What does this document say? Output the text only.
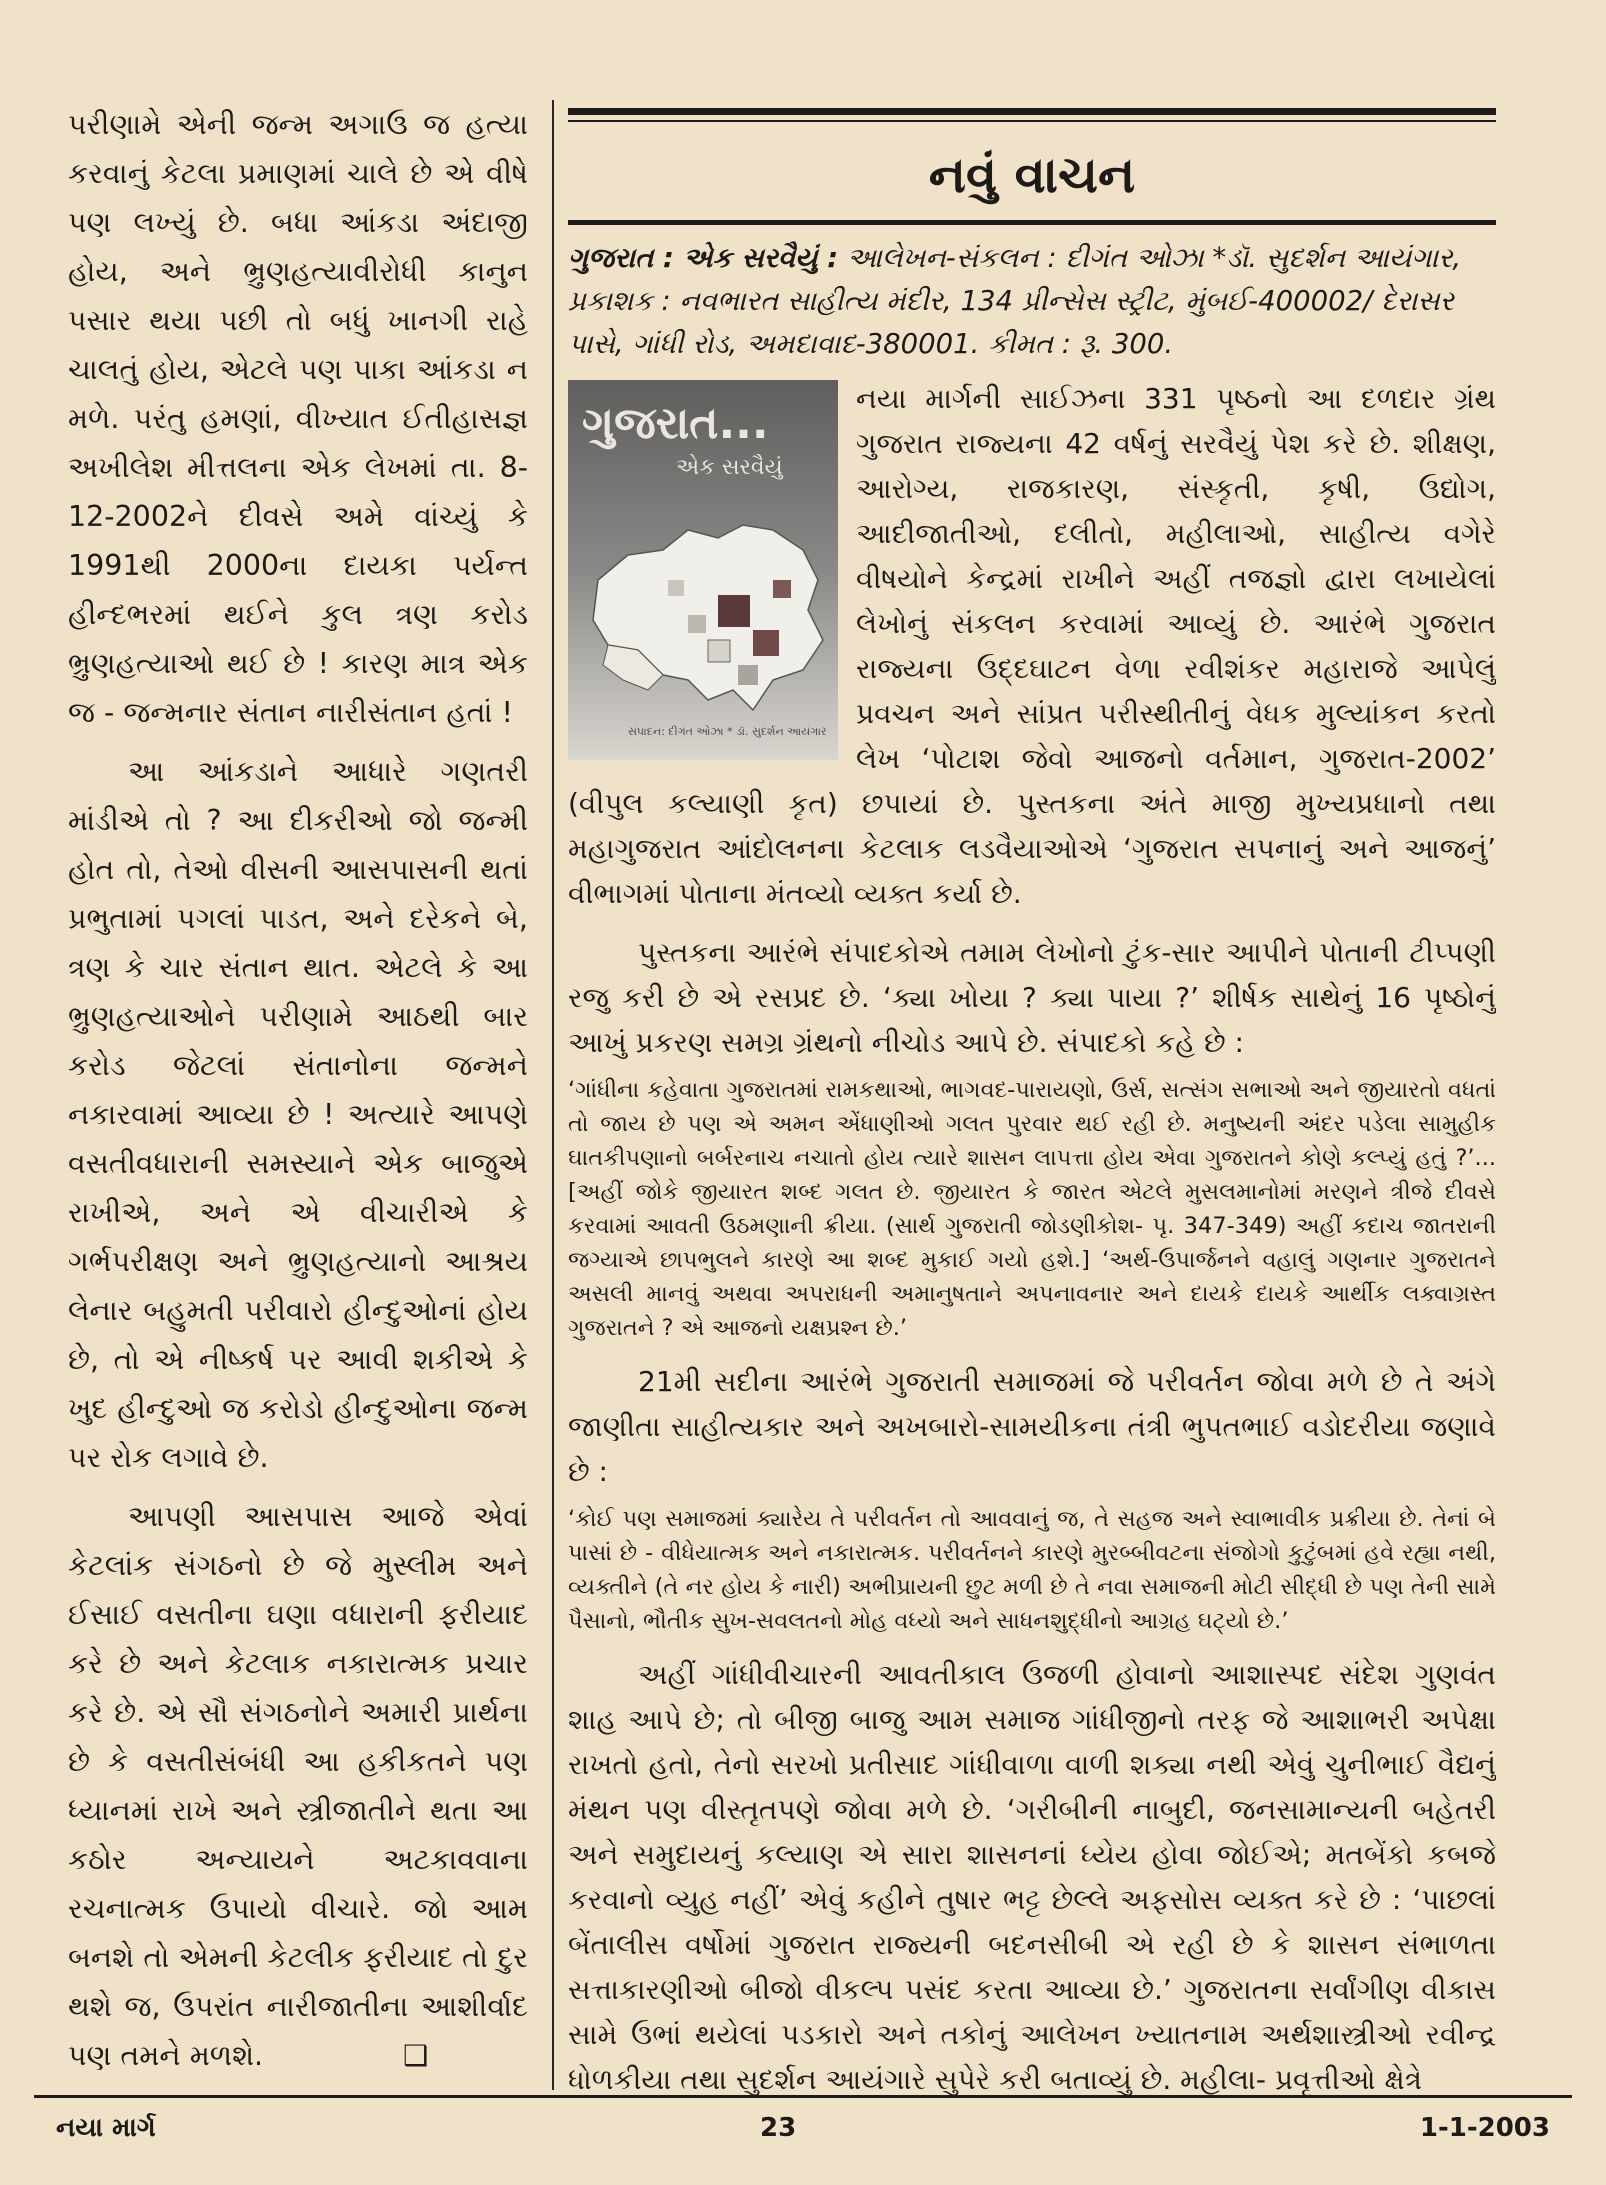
પરીણામે એની જન્મ અગાઉ જ હત્યા કરવાનું કેટલા પ્રમાણમાં ચાલે છે એ વીષે પણ લખ્યું છે. બધા આંકડા અંદાજી હોય, અને ભ્રુણહત્યાવીરોધી કાનુન પસાર થયા પછી તો બધું ખાનગી રાહે ચાલતું હોય, એટલે પણ પાકા આંકડા ન મળે. પરંતુ હમણાં, વીખ્યાત ઈતીહાસજ્ઞ અખીલેશ મીત્તલના એક લેખમાં તા. 8-12-2002ને દીવસે અમે વાંચ્યું કે 1991થી 2000ના દાયકા પર્યન્ત હીન્દભરમાં થઈને કુલ ત્રણ કરોડ ભ્રુણહત્યાઓ થઈ છે ! કારણ માત્ર એક જ - જન્મનાર સંતાન નારીસંતાન હતાં !

આ આંકડાને આધારે ગણતરી માંડીએ તો ? આ દીકરીઓ જો જન્મી હોત તો, તેઓ વીસની આસપાસની થતાં પ્રભુતામાં પગલાં પાડત, અને દરેકને બે, ત્રણ કે ચાર સંતાન થાત. એટલે કે આ ભ્રુણહત્યાઓને પરીણામે આઠથી બાર કરોડ જેટલાં સંતાનોના જન્મને નકારવામાં આવ્યા છે ! અત્યારે આપણે વસતીવધારાની સમસ્યાને એક બાજુએ રાખીએ, અને એ વીચારીએ કે ગર્ભપરીક્ષણ અને ભ્રુણહત્યાનો આશ્રય લેનાર બહુમતી પરીવારો હીન્દુઓનાં હોય છે, તો એ નીષ્કર્ષ પર આવી શકીએ કે ખુદ હીન્દુઓ જ કરોડો હીન્દુઓના જન્મ પર રોક લગાવે છે.

આપણી આસપાસ આજે એવાં કેટલાંક સંગઠનો છે જે મુસ્લીમ અને ઈસાઈ વસતીના ઘણા વધારાની ફરીયાદ કરે છે અને કેટલાક નકારાત્મક પ્રચાર કરે છે. એ સૌ સંગઠનોને અમારી પ્રાર્થના છે કે વસતીસંબંધી આ હકીકતને પણ ધ્યાનમાં રાખે અને સ્ત્રીજાતીને થતા આ કઠોર અન્યાયને અટકાવવાના રચનાત્મક ઉપાયો વીચારે. જો આમ બનશે તો એમની કેટલીક ફરીયાદ તો દુર થશે જ, ઉપરાંત નારીજાતીના આશીર્વાદ પણ તમને મળશે.	❑

નવું વાચન

ગુજરાત : એક સરવૈયું : આલેખન-સંકલન : દીગંત ઓઝા *ડૉ. સુદર્શન આયંગાર, પ્રકાશક : નવભારત સાહીત્ય મંદીર, 134 પ્રીન્સેસ સ્ટ્રીટ, મુંબઈ-400002/ દેરાસર પાસે, ગાંધી રોડ, અમદાવાદ-380001. કીમત : રૂ. 300.

ગુજરાત...
એક સરવૈયું
સંપાદન: દીગંત ઓઝા * ડૉ. સુદર્શન આયંગાર

નયા માર્ગની સાઈઝના 331 પૃષ્ઠનો આ દળદાર ગ્રંથ ગુજરાત રાજ્યના 42 વર્ષનું સરવૈયું પેશ કરે છે. શીક્ષણ, આરોગ્ય, રાજકારણ, સંસ્કૃતી, કૃષી, ઉદ્યોગ, આદીજાતીઓ, દલીતો, મહીલાઓ, સાહીત્ય વગેરે વીષયોને કેન્દ્રમાં રાખીને અહીં તજજ્ઞો દ્વારા લખાયેલાં લેખોનું સંકલન કરવામાં આવ્યું છે. આરંભે ગુજરાત રાજ્યના ઉદ્દઘાટન વેળા રવીશંકર મહારાજે આપેલું પ્રવચન અને સાંપ્રત પરીસ્થીતીનું વેધક મુલ્યાંકન કરતો લેખ ‘પોટાશ જેવો આજનો વર્તમાન, ગુજરાત-2002’ (વીપુલ કલ્યાણી કૃત) છપાયાં છે. પુસ્તકના અંતે માજી મુખ્યપ્રધાનો તથા મહાગુજરાત આંદોલનના કેટલાક લડવૈયાઓએ ‘ગુજરાત સપનાનું અને આજનું’ વીભાગમાં પોતાના મંતવ્યો વ્યક્ત કર્યા છે.

પુસ્તકના આરંભે સંપાદકોએ તમામ લેખોનો ટુંક-સાર આપીને પોતાની ટીપ્પણી રજુ કરી છે એ રસપ્રદ છે. ‘ક્યા ખોયા ? ક્યા પાયા ?’ શીર્ષક સાથેનું 16 પૃષ્ઠોનું આખું પ્રકરણ સમગ્ર ગ્રંથનો નીચોડ આપે છે. સંપાદકો કહે છે :

‘ગાંધીના કહેવાતા ગુજરાતમાં રામકથાઓ, ભાગવદ-પારાયણો, ઉર્સ, સત્સંગ સભાઓ અને જીયારતો વધતાં તો જાય છે પણ એ અમન એંધાણીઓ ગલત પુરવાર થઈ રહી છે. મનુષ્યની અંદર પડેલા સામુહીક ઘાતકીપણાનો બર્બરનાચ નચાતો હોય ત્યારે શાસન લાપત્તા હોય એવા ગુજરાતને કોણે કલ્પ્યું હતું ?’... [અહીં જોકે જીયારત શબ્દ ગલત છે. જીયારત કે જારત એટલે મુસલમાનોમાં મરણને ત્રીજે દીવસે કરવામાં આવતી ઉઠમણાની ક્રીયા. (સાર્થ ગુજરાતી જોડણીકોશ- પૃ. 347-349) અહીં કદાચ જાતરાની જગ્યાએ છાપભુલને કારણે આ શબ્દ મુકાઈ ગયો હશે.] ‘અર્થ-ઉપાર્જનને વહાલું ગણનાર ગુજરાતને અસલી માનવું અથવા અપરાધની અમાનુષતાને અપનાવનાર અને દાયકે દાયકે આર્થીક લક્વાગ્રસ્ત ગુજરાતને ? એ આજનો યક્ષપ્રશ્ન છે.’

21મી સદીના આરંભે ગુજરાતી સમાજમાં જે પરીવર્તન જોવા મળે છે તે અંગે જાણીતા સાહીત્યકાર અને અખબારો-સામયીકના તંત્રી ભુપતભાઈ વડોદરીયા જણાવે છે :

‘કોઈ પણ સમાજમાં ક્યારેય તે પરીવર્તન તો આવવાનું જ, તે સહજ અને સ્વાભાવીક પ્રક્રીયા છે. તેનાં બે પાસાં છે - વીધેયાત્મક અને નકારાત્મક. પરીવર્તનને કારણે મુરબ્બીવટના સંજોગો કુટુંબમાં હવે રહ્યા નથી, વ્યક્તીને (તે નર હોય કે નારી) અભીપ્રાયની છુટ મળી છે તે નવા સમાજની મોટી સીદ્ધી છે પણ તેની સામે પૈસાનો, ભૌતીક સુખ-સવલતનો મોહ વધ્યો અને સાધનશુદ્ધીનો આગ્રહ ઘટ્યો છે.’

અહીં ગાંધીવીચારની આવતીકાલ ઉજળી હોવાનો આશાસ્પદ સંદેશ ગુણવંત શાહ આપે છે; તો બીજી બાજુ આમ સમાજ ગાંધીજીનો તરફ જે આશાભરી અપેક્ષા રાખતો હતો, તેનો સરખો પ્રતીસાદ ગાંધીવાળા વાળી શક્યા નથી એવું ચુનીભાઈ વૈદ્યનું મંથન પણ વીસ્તૃતપણે જોવા મળે છે. ‘ગરીબીની નાબુદી, જનસામાન્યની બહેતરી અને સમુદાયનું કલ્યાણ એ સારા શાસનનાં ધ્યેય હોવા જોઈએ; મતબેંકો કબજે કરવાનો વ્યુહ નહીં’ એવું કહીને તુષાર ભટ્ટ છેલ્લે અફસોસ વ્યક્ત કરે છે : ‘પાછલાં બેંતાલીસ વર્ષોમાં ગુજરાત રાજ્યની બદનસીબી એ રહી છે કે શાસન સંભાળતા સત્તાકારણીઓ બીજો વીકલ્પ પસંદ કરતા આવ્યા છે.’ ગુજરાતના સર્વાંગીણ વીકાસ સામે ઉભાં થયેલાં પડકારો અને તકોનું આલેખન ખ્યાતનામ અર્થશાસ્ત્રીઓ રવીન્દ્ર ધોળકીયા તથા સુદર્શન આયંગારે સુપેરે કરી બતાવ્યું છે. મહીલા- પ્રવૃત્તીઓ ક્ષેત્રે

નયા માર્ગ	23	1-1-2003
